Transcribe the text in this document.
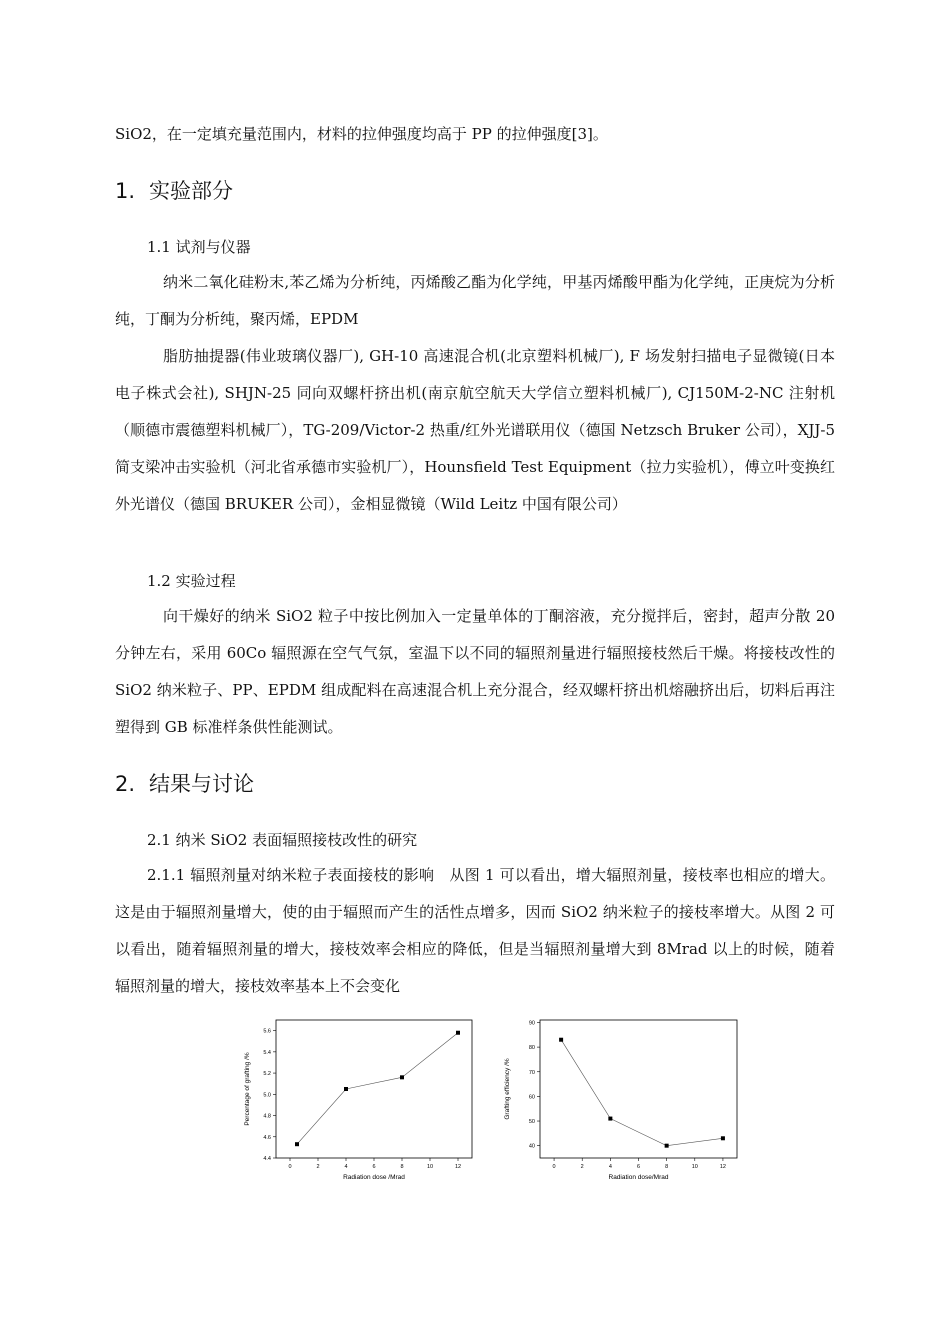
SiO2，在一定填充量范围内，材料的拉伸强度均高于 PP 的拉伸强度[3]。

1. 实验部分

1.1 试剂与仪器

纳米二氧化硅粉末,苯乙烯为分析纯，丙烯酸乙酯为化学纯，甲基丙烯酸甲酯为化学纯，正庚烷为分析纯，丁酮为分析纯，聚丙烯，EPDM

脂肪抽提器(伟业玻璃仪器厂), GH-10 高速混合机(北京塑料机械厂), F 场发射扫描电子显微镜(日本电子株式会社), SHJN-25 同向双螺杆挤出机(南京航空航天大学信立塑料机械厂), CJ150M-2-NC 注射机（顺德市震德塑料机械厂），TG-209/Victor-2 热重/红外光谱联用仪（德国 Netzsch Bruker 公司），XJJ-5 简支梁冲击实验机（河北省承德市实验机厂），Hounsfield Test Equipment（拉力实验机），傅立叶变换红外光谱仪（德国 BRUKER 公司），金相显微镜（Wild Leitz 中国有限公司）

1.2 实验过程

向干燥好的纳米 SiO2 粒子中按比例加入一定量单体的丁酮溶液，充分搅拌后，密封，超声分散 20 分钟左右，采用 60Co 辐照源在空气气氛，室温下以不同的辐照剂量进行辐照接枝然后干燥。将接枝改性的 SiO2 纳米粒子、PP、EPDM 组成配料在高速混合机上充分混合，经双螺杆挤出机熔融挤出后，切料后再注塑得到 GB 标准样条供性能测试。

2. 结果与讨论

2.1 纳米 SiO2 表面辐照接枝改性的研究

2.1.1 辐照剂量对纳米粒子表面接枝的影响　从图 1 可以看出，增大辐照剂量，接枝率也相应的增大。这是由于辐照剂量增大，使的由于辐照而产生的活性点增多，因而 SiO2 纳米粒子的接枝率增大。从图 2 可以看出，随着辐照剂量的增大，接枝效率会相应的降低，但是当辐照剂量增大到 8Mrad 以上的时候，随着辐照剂量的增大，接枝效率基本上不会变化

0	2	4	6	8	10	12
4.4
4.6
4.8
5.0
5.2
5.4
5.6
Radiation dose /Mrad
Percentage of grafting /%
0	2	4	6	8	10	12
40
50
60
70
80
90
Radiation dose/Mrad
Grafting efficiency /%
